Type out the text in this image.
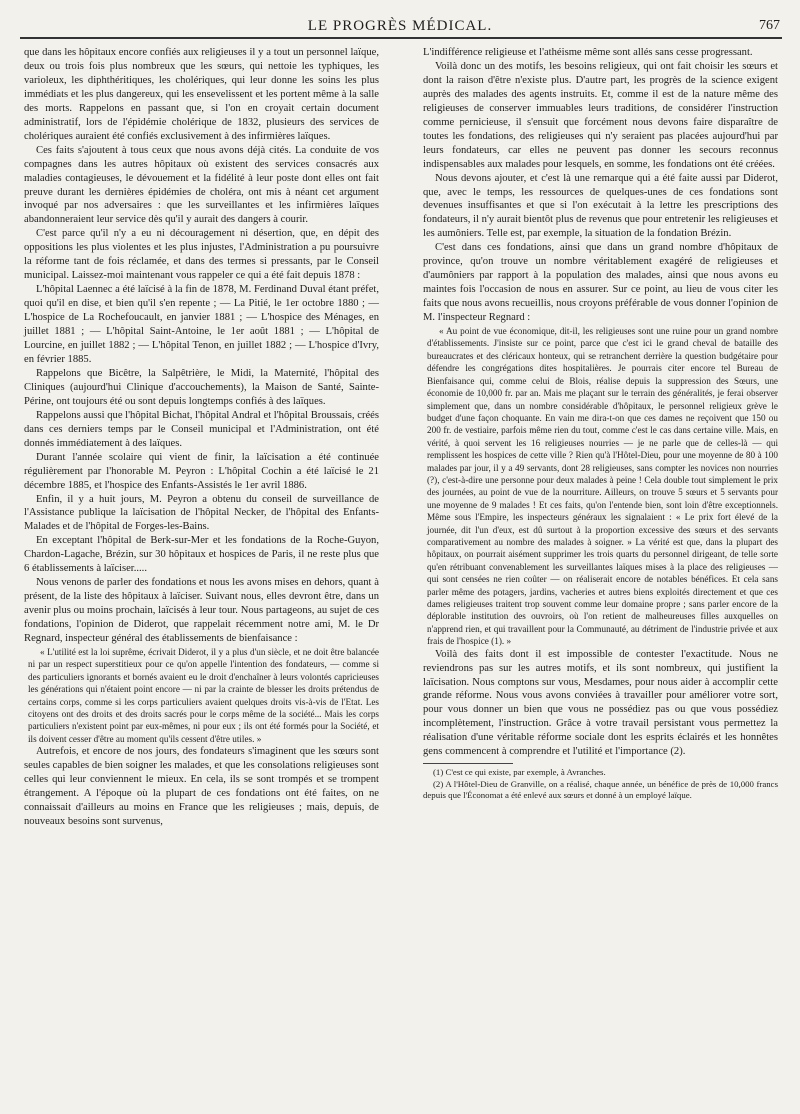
LE PROGRÈS MÉDICAL.	767

que dans les hôpitaux encore confiés aux religieuses il y a tout un personnel laïque, deux ou trois fois plus nombreux que les sœurs, qui nettoie les typhiques, les varioleux, les diphthéritiques, les cholériques, qui leur donne les soins les plus immédiats et les plus dangereux, qui les ensevelissent et les portent même à la salle des morts. Rappelons en passant que, si l'on en croyait certain document administratif, lors de l'épidémie cholérique de 1832, plusieurs des services de cholériques auraient été confiés exclusivement à des infirmières laïques.

Ces faits s'ajoutent à tous ceux que nous avons déjà cités. La conduite de vos compagnes dans les autres hôpitaux où existent des services consacrés aux maladies contagieuses, le dévouement et la fidélité à leur poste dont elles ont fait preuve durant les dernières épidémies de choléra, ont mis à néant cet argument invoqué par nos adversaires : que les surveillantes et les infirmières laïques abandonneraient leur service dès qu'il y aurait des dangers à courir.

C'est parce qu'il n'y a eu ni découragement ni désertion, que, en dépit des oppositions les plus violentes et les plus injustes, l'Administration a pu poursuivre la réforme tant de fois réclamée, et dans des termes si pressants, par le Conseil municipal. Laissez-moi maintenant vous rappeler ce qui a été fait depuis 1878 :

L'hôpital Laennec a été laïcisé à la fin de 1878, M. Ferdinand Duval étant préfet, quoi qu'il en dise, et bien qu'il s'en repente ; — La Pitié, le 1er octobre 1880 ; — L'hospice de La Rochefoucault, en janvier 1881 ; — L'hospice des Ménages, en juillet 1881 ; — L'hôpital Saint-Antoine, le 1er août 1881 ; — L'hôpital de Lourcine, en juillet 1882 ; — L'hôpital Tenon, en juillet 1882 ; — L'hospice d'Ivry, en février 1885.

Rappelons que Bicêtre, la Salpêtrière, le Midi, la Maternité, l'hôpital des Cliniques (aujourd'hui Clinique d'accouchements), la Maison de Santé, Sainte-Périne, ont toujours été ou sont depuis longtemps confiés à des laïques.

Rappelons aussi que l'hôpital Bichat, l'hôpital Andral et l'hôpital Broussais, créés dans ces derniers temps par le Conseil municipal et l'Administration, ont été donnés immédiatement à des laïques.

Durant l'année scolaire qui vient de finir, la laïcisation a été continuée régulièrement par l'honorable M. Peyron : L'hôpital Cochin a été laïcisé le 21 décembre 1885, et l'hospice des Enfants-Assistés le 1er avril 1886.

Enfin, il y a huit jours, M. Peyron a obtenu du conseil de surveillance de l'Assistance publique la laïcisation de l'hôpital Necker, de l'hôpital des Enfants-Malades et de l'hôpital de Forges-les-Bains.

En exceptant l'hôpital de Berk-sur-Mer et les fondations de la Roche-Guyon, Chardon-Lagache, Brézin, sur 30 hôpitaux et hospices de Paris, il ne reste plus que 6 établissements à laïciser.....

Nous venons de parler des fondations et nous les avons mises en dehors, quant à présent, de la liste des hôpitaux à laïciser. Suivant nous, elles devront être, dans un avenir plus ou moins prochain, laïcisés à leur tour. Nous partageons, au sujet de ces fondations, l'opinion de Diderot, que rappelait récemment notre ami, M. le Dr Regnard, inspecteur général des établissements de bienfaisance :

« L'utilité est la loi suprême, écrivait Diderot, il y a plus d'un siècle, et ne doit être balancée ni par un respect superstitieux pour ce qu'on appelle l'intention des fondateurs, — comme si des particuliers ignorants et bornés avaient eu le droit d'enchaîner à leurs volontés capricieuses les générations qui n'étaient point encore — ni par la crainte de blesser les droits prétendus de certains corps, comme si les corps particuliers avaient quelques droits vis-à-vis de l'Etat. Les citoyens ont des droits et des droits sacrés pour le corps même de la société... Mais les corps particuliers n'existent point par eux-mêmes, ni pour eux ; ils ont été formés pour la Société, et ils doivent cesser d'être au moment qu'ils cessent d'être utiles. »

Autrefois, et encore de nos jours, des fondateurs s'imaginent que les sœurs sont seules capables de bien soigner les malades, et que les consolations religieuses sont celles qui leur conviennent le mieux. En cela, ils se sont trompés et se trompent étrangement. A l'époque où la plupart de ces fondations ont été faites, on ne connaissait d'ailleurs au moins en France que les religieuses ; mais, depuis, de nouveaux besoins sont survenus,

L'indifférence religieuse et l'athéisme même sont allés sans cesse progressant.

Voilà donc un des motifs, les besoins religieux, qui ont fait choisir les sœurs et dont la raison d'être n'existe plus. D'autre part, les progrès de la science exigent auprès des malades des agents instruits. Et, comme il est de la nature même des religieuses de conserver immuables leurs traditions, de considérer l'instruction comme pernicieuse, il s'ensuit que forcément nous devons faire disparaître de toutes les fondations, des religieuses qui n'y seraient pas placées aujourd'hui par leurs fondateurs, car elles ne peuvent pas donner les secours reconnus indispensables aux malades pour lesquels, en somme, les fondations ont été créées.

Nous devons ajouter, et c'est là une remarque qui a été faite aussi par Diderot, que, avec le temps, les ressources de quelques-unes de ces fondations sont devenues insuffisantes et que si l'on exécutait à la lettre les prescriptions des fondateurs, il n'y aurait bientôt plus de revenus que pour entretenir les religieuses et les aumôniers. Telle est, par exemple, la situation de la fondation Brézin.

C'est dans ces fondations, ainsi que dans un grand nombre d'hôpitaux de province, qu'on trouve un nombre véritablement exagéré de religieuses et d'aumôniers par rapport à la population des malades, ainsi que nous avons eu maintes fois l'occasion de nous en assurer. Sur ce point, au lieu de vous citer les faits que nous avons recueillis, nous croyons préférable de vous donner l'opinion de M. l'inspecteur Regnard :

« Au point de vue économique, dit-il, les religieuses sont une ruine pour un grand nombre d'établissements. J'insiste sur ce point, parce que c'est ici le grand cheval de bataille des bureaucrates et des cléricaux honteux, qui se retranchent derrière la question budgétaire pour défendre les congrégations dites hospitalières. Je pourrais citer encore tel Bureau de Bienfaisance qui, comme celui de Blois, réalise depuis la suppression des Sœurs, une économie de 10,000 fr. par an. Mais me plaçant sur le terrain des généralités, je ferai observer simplement que, dans un nombre considérable d'hôpitaux, le personnel religieux grève le budget d'une façon choquante. En vain me dira-t-on que ces dames ne reçoivent que 150 ou 200 fr. de vestiaire, parfois même rien du tout, comme c'est le cas dans certaine ville. Mais, en vérité, à quoi servent les 16 religieuses nourries — je ne parle que de celles-là — qui remplissent les hospices de cette ville ? Rien qu'à l'Hôtel-Dieu, pour une moyenne de 80 à 100 malades par jour, il y a 49 servants, dont 28 religieuses, sans compter les novices non nourries (?), c'est-à-dire une personne pour deux malades à peine ! Cela double tout simplement le prix des journées, au point de vue de la nourriture. Ailleurs, on trouve 5 sœurs et 5 servants pour une moyenne de 9 malades ! Et ces faits, qu'on l'entende bien, sont loin d'être exceptionnels. Même sous l'Empire, les inspecteurs généraux les signalaient : « Le prix fort élevé de la journée, dit l'un d'eux, est dû surtout à la proportion excessive des sœurs et des servants comparativement au nombre des malades à soigner. » La vérité est que, dans la plupart des hôpitaux, on pourrait aisément supprimer les trois quarts du personnel dirigeant, de telle sorte qu'en rétribuant convenablement les surveillantes laïques mises à la place des religieuses — qui sont censées ne rien coûter — on réaliserait encore de notables bénéfices. Et cela sans parler même des potagers, jardins, vacheries et autres biens exploités directement et que ces dames religieuses traitent trop souvent comme leur domaine propre ; sans parler encore de la déplorable institution des ouvroirs, où l'on retient de malheureuses filles auxquelles on n'apprend rien, et qui travaillent pour la Communauté, au détriment de l'industrie privée et aux frais de l'hospice (1). »

Voilà des faits dont il est impossible de contester l'exactitude. Nous ne reviendrons pas sur les autres motifs, et ils sont nombreux, qui justifient la laïcisation. Nous comptons sur vous, Mesdames, pour nous aider à accomplir cette grande réforme. Nous vous avons conviées à travailler pour améliorer votre sort, pour vous donner un bien que vous ne possédiez pas ou que vous possédiez incomplètement, l'instruction. Grâce à votre travail persistant vous permettez la réalisation d'une véritable réforme sociale dont les esprits éclairés et les honnêtes gens commencent à comprendre et l'utilité et l'importance (2).

(1) C'est ce qui existe, par exemple, à Avranches.

(2) A l'Hôtel-Dieu de Granville, on a réalisé, chaque année, un bénéfice de près de 10,000 francs depuis que l'Économat a été enlevé aux sœurs et donné à un employé laïque.
